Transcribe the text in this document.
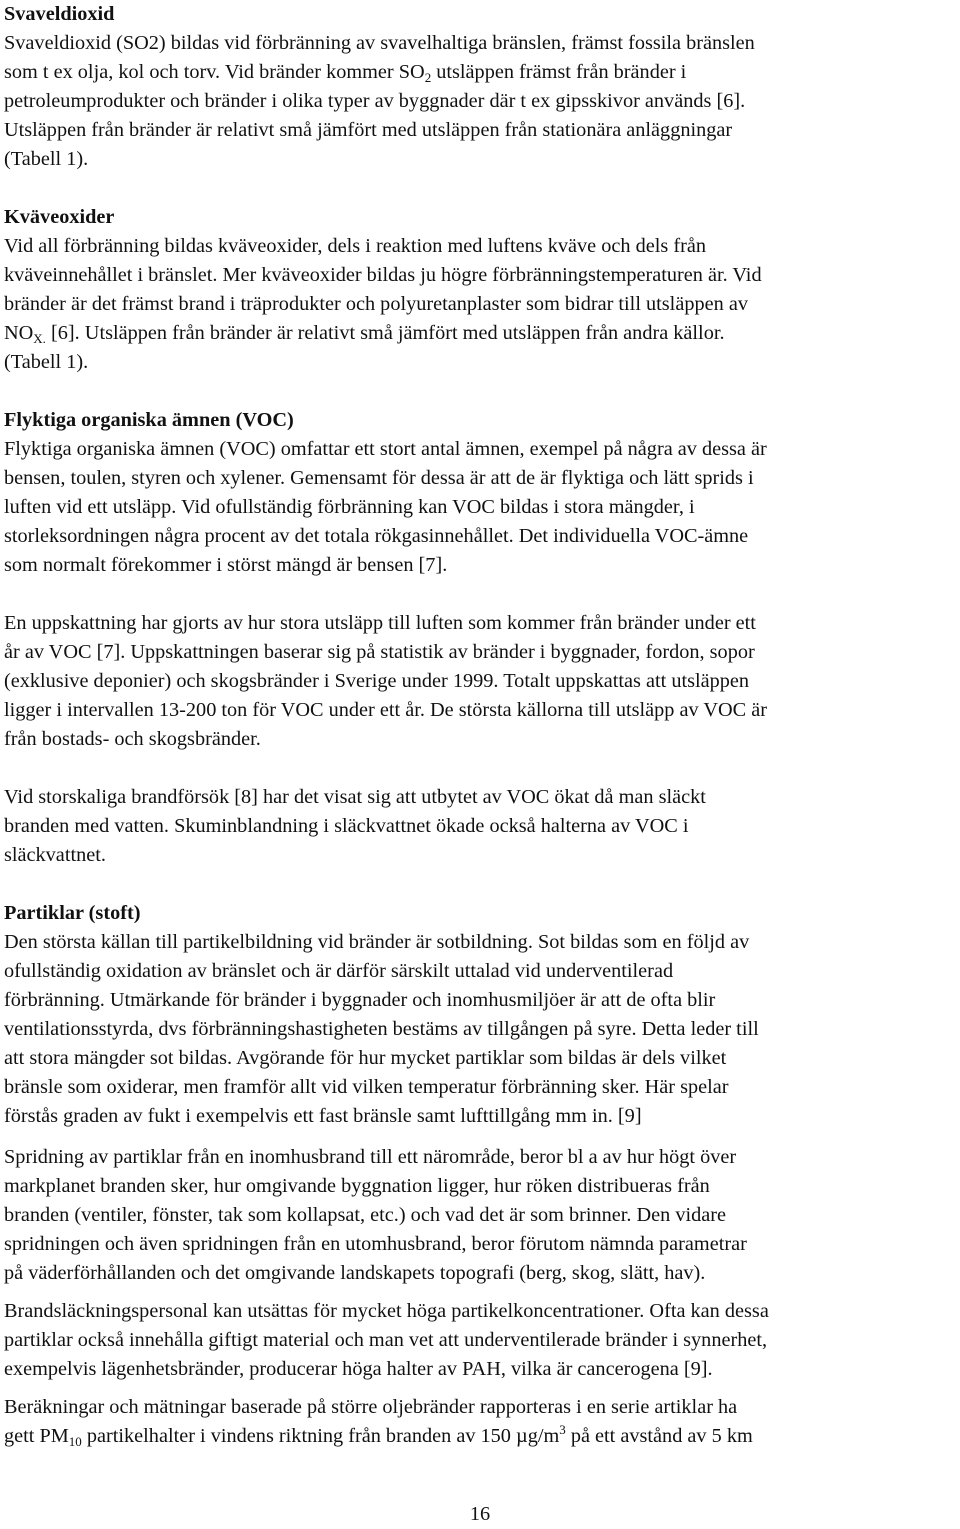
Svaveldioxid

Svaveldioxid (SO2) bildas vid förbränning av svavelhaltiga bränslen, främst fossila bränslen
som t ex olja, kol och torv. Vid bränder kommer $SO_2$ utsläppen främst från bränder i
petroleumprodukter och bränder i olika typer av byggnader där t ex gipsskivor används [6].
Utsläppen från bränder är relativt små jämfört med utsläppen från stationära anläggningar
(Tabell 1).

Kväveoxider

Vid all förbränning bildas kväveoxider, dels i reaktion med luftens kväve och dels från
kväveinnehållet i bränslet. Mer kväveoxider bildas ju högre förbränningstemperaturen är. Vid
bränder är det främst brand i träprodukter och polyuretanplaster som bidrar till utsläppen av
$NO_{X.}$ [6]. Utsläppen från bränder är relativt små jämfört med utsläppen från andra källor.
(Tabell 1).

Flyktiga organiska ämnen (VOC)

Flyktiga organiska ämnen (VOC) omfattar ett stort antal ämnen, exempel på några av dessa är
bensen, toulen, styren och xylener. Gemensamt för dessa är att de är flyktiga och lätt sprids i
luften vid ett utsläpp. Vid ofullständig förbränning kan VOC bildas i stora mängder, i
storleksordningen några procent av det totala rökgasinnehållet. Det individuella VOC-ämne
som normalt förekommer i störst mängd är bensen [7].

En uppskattning har gjorts av hur stora utsläpp till luften som kommer från bränder under ett
år av VOC [7]. Uppskattningen baserar sig på statistik av bränder i byggnader, fordon, sopor
(exklusive deponier) och skogsbränder i Sverige under 1999. Totalt uppskattas att utsläppen
ligger i intervallen 13-200 ton för VOC under ett år. De största källorna till utsläpp av VOC är
från bostads- och skogsbränder.

Vid storskaliga brandförsök [8] har det visat sig att utbytet av VOC ökat då man släckt
branden med vatten. Skuminblandning i släckvattnet ökade också halterna av VOC i
släckvattnet.

Partiklar (stoft)

Den största källan till partikelbildning vid bränder är sotbildning. Sot bildas som en följd av
ofullständig oxidation av bränslet och är därför särskilt uttalad vid underventilerad
förbränning. Utmärkande för bränder i byggnader och inomhusmiljöer är att de ofta blir
ventilationsstyrda, dvs förbränningshastigheten bestäms av tillgången på syre. Detta leder till
att stora mängder sot bildas. Avgörande för hur mycket partiklar som bildas är dels vilket
bränsle som oxiderar, men framför allt vid vilken temperatur förbränning sker. Här spelar
förstås graden av fukt i exempelvis ett fast bränsle samt lufttillgång mm in. [9]

Spridning av partiklar från en inomhusbrand till ett närområde, beror bl a av hur högt över
markplanet branden sker, hur omgivande byggnation ligger, hur röken distribueras från
branden (ventiler, fönster, tak som kollapsat, etc.) och vad det är som brinner. Den vidare
spridningen och även spridningen från en utomhusbrand, beror förutom nämnda parametrar
på väderförhållanden och det omgivande landskapets topografi (berg, skog, slätt, hav).

Brandsläckningspersonal kan utsättas för mycket höga partikelkoncentrationer. Ofta kan dessa
partiklar också innehålla giftigt material och man vet att underventilerade bränder i synnerhet,
exempelvis lägenhetsbränder, producerar höga halter av PAH, vilka är cancerogena [9].

Beräkningar och mätningar baserade på större oljebränder rapporteras i en serie artiklar ha
gett $PM_{10}$ partikelhalter i vindens riktning från branden av 150 $\mu g/m^3$ på ett avstånd av 5 km

16
